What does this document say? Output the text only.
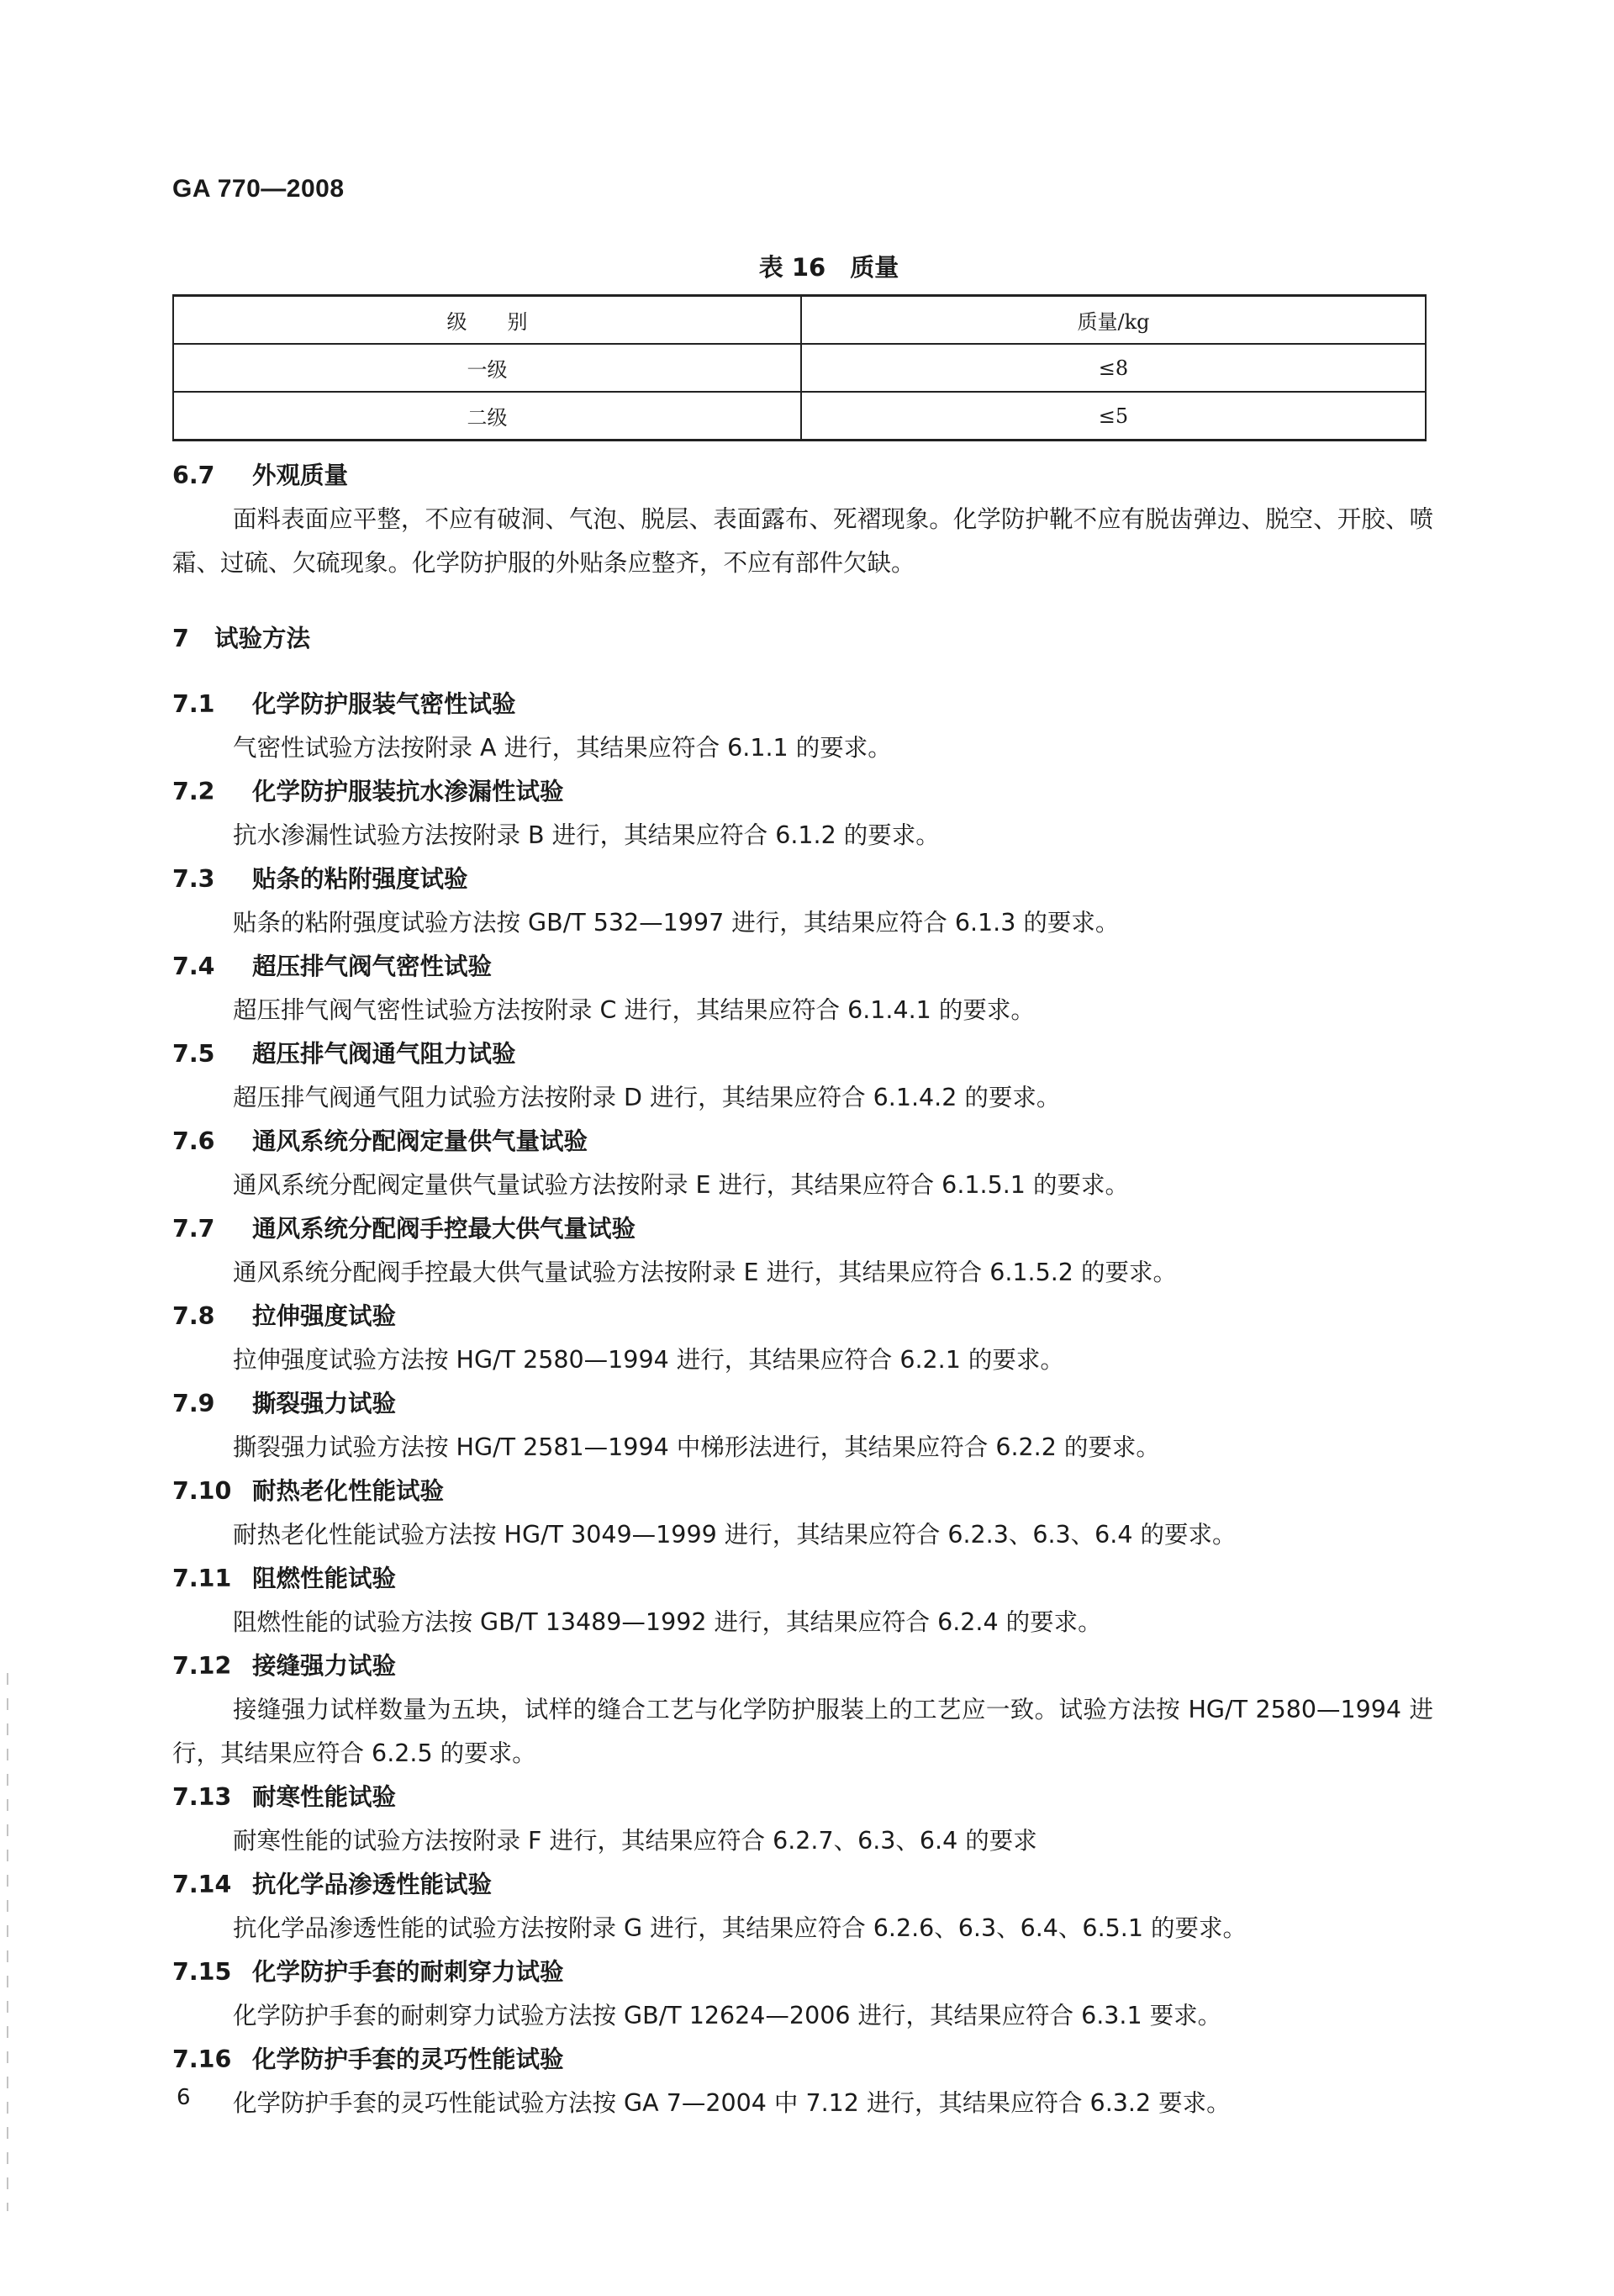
GA 770—2008
表 16　质量
级　　别	质量/kg
一级	≤8
二级	≤5
6.7 外观质量
面料表面应平整，不应有破洞、气泡、脱层、表面露布、死褶现象。化学防护靴不应有脱齿弹边、脱空、开胶、喷霜、过硫、欠硫现象。化学防护服的外贴条应整齐，不应有部件欠缺。
7 试验方法
7.1 化学防护服装气密性试验
气密性试验方法按附录 A 进行，其结果应符合 6.1.1 的要求。
7.2 化学防护服装抗水渗漏性试验
抗水渗漏性试验方法按附录 B 进行，其结果应符合 6.1.2 的要求。
7.3 贴条的粘附强度试验
贴条的粘附强度试验方法按 GB/T 532—1997 进行，其结果应符合 6.1.3 的要求。
7.4 超压排气阀气密性试验
超压排气阀气密性试验方法按附录 C 进行，其结果应符合 6.1.4.1 的要求。
7.5 超压排气阀通气阻力试验
超压排气阀通气阻力试验方法按附录 D 进行，其结果应符合 6.1.4.2 的要求。
7.6 通风系统分配阀定量供气量试验
通风系统分配阀定量供气量试验方法按附录 E 进行，其结果应符合 6.1.5.1 的要求。
7.7 通风系统分配阀手控最大供气量试验
通风系统分配阀手控最大供气量试验方法按附录 E 进行，其结果应符合 6.1.5.2 的要求。
7.8 拉伸强度试验
拉伸强度试验方法按 HG/T 2580—1994 进行，其结果应符合 6.2.1 的要求。
7.9 撕裂强力试验
撕裂强力试验方法按 HG/T 2581—1994 中梯形法进行，其结果应符合 6.2.2 的要求。
7.10 耐热老化性能试验
耐热老化性能试验方法按 HG/T 3049—1999 进行，其结果应符合 6.2.3、6.3、6.4 的要求。
7.11 阻燃性能试验
阻燃性能的试验方法按 GB/T 13489—1992 进行，其结果应符合 6.2.4 的要求。
7.12 接缝强力试验
接缝强力试样数量为五块，试样的缝合工艺与化学防护服装上的工艺应一致。试验方法按 HG/T 2580—1994 进行，其结果应符合 6.2.5 的要求。
7.13 耐寒性能试验
耐寒性能的试验方法按附录 F 进行，其结果应符合 6.2.7、6.3、6.4 的要求
7.14 抗化学品渗透性能试验
抗化学品渗透性能的试验方法按附录 G 进行，其结果应符合 6.2.6、6.3、6.4、6.5.1 的要求。
7.15 化学防护手套的耐刺穿力试验
化学防护手套的耐刺穿力试验方法按 GB/T 12624—2006 进行，其结果应符合 6.3.1 要求。
7.16 化学防护手套的灵巧性能试验
化学防护手套的灵巧性能试验方法按 GA 7—2004 中 7.12 进行，其结果应符合 6.3.2 要求。
6
